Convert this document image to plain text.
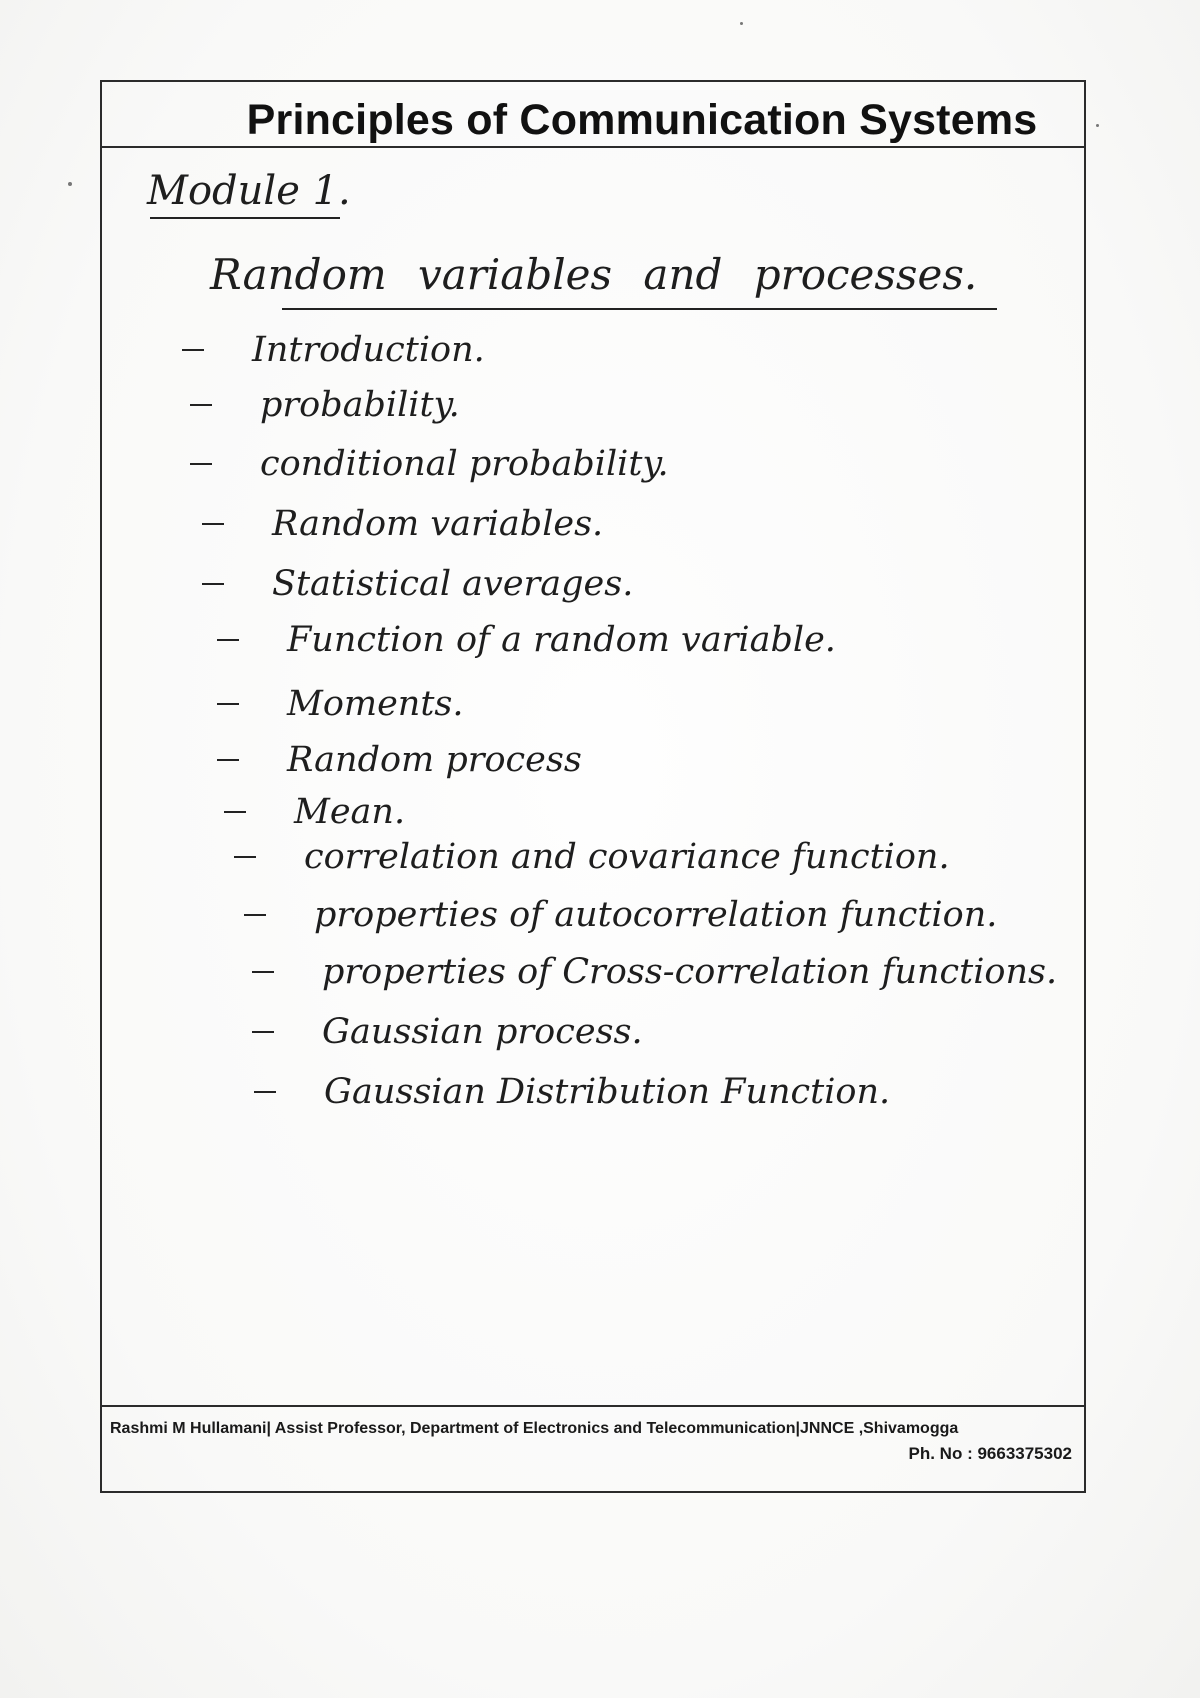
Principles of Communication Systems
Module 1.
Random variables and processes.
Introduction.
probability.
conditional probability.
Random variables.
Statistical averages.
Function of a random variable.
Moments.
Random process
Mean.
correlation and covariance function.
properties of autocorrelation function.
properties of Cross-correlation functions.
Gaussian process.
Gaussian Distribution Function.
Rashmi M Hullamani| Assist Professor, Department of Electronics and Telecommunication|JNNCE ,Shivamogga
Ph. No : 9663375302
